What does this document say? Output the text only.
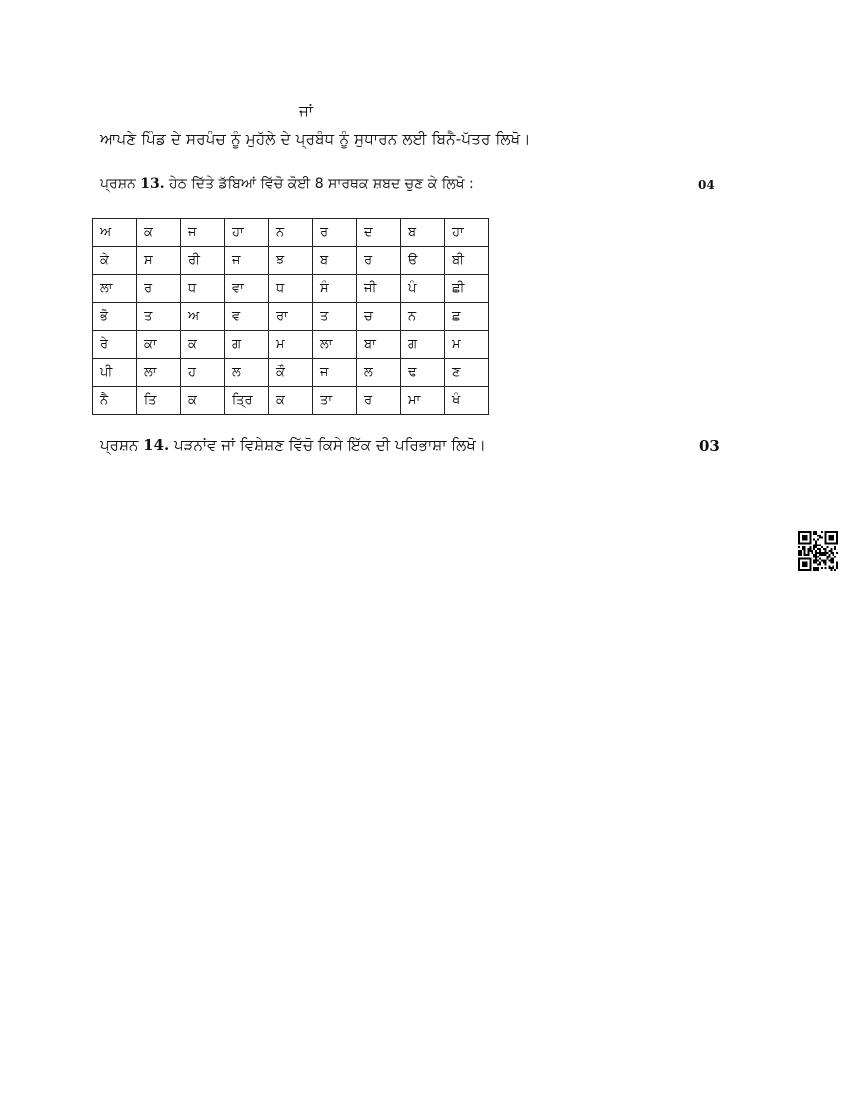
ਜਾਂ
ਆਪਣੇ ਪਿੰਡ ਦੇ ਸਰਪੰਚ ਨੂੰ ਮੁਹੱਲੇ ਦੇ ਪ੍ਰਬੰਧ ਨੂੰ ਸੁਧਾਰਨ ਲਈ ਬਿਨੈ-ਪੱਤਰ ਲਿਖੋ।
ਪ੍ਰਸ਼ਨ 13. ਹੇਠ ਦਿੱਤੇ ਡੱਬਿਆਂ ਵਿੱਚੋ ਕੋਈ 8 ਸਾਰਥਕ ਸ਼ਬਦ ਚੁਣ ਕੇ ਲਿਖੋ :	04
ਅ	ਕ	ਜ	ਹਾ	ਨ	ਰ	ਦ	ਬ	ਹਾ
ਕੇ	ਸ	ਰੀ	ਜ	ਝ	ਬ	ਰ	ੳ	ਬੀ
ਲਾ	ਰ	ਧ	ਵਾ	ਧ	ਸੰ	ਜੀ	ਪੰ	ਛੀ
ਭੋ	ਤ	ਅ	ਵ	ਰਾ	ਤ	ਚ	ਨ	ਛ
ਰੇ	ਕਾ	ਕ	ਗ	ਮ	ਲਾ	ਬਾ	ਗ	ਮ
ਪੀ	ਲਾ	ਹ	ਲ	ਕੌ	ਜ	ਲ	ਢ	ਣ
ਨੈ	ਤਿ	ਕ	ਤ੍ਰਿ	ਕ	ਤਾ	ਰ	ਮਾ	ਖੰ
ਪ੍ਰਸ਼ਨ 14. ਪੜਨਾਂਵ ਜਾਂ ਵਿਸ਼ੇਸ਼ਣ ਵਿੱਚੋ ਕਿਸੇ ਇੱਕ ਦੀ ਪਰਿਭਾਸ਼ਾ ਲਿਖੋ।	03
